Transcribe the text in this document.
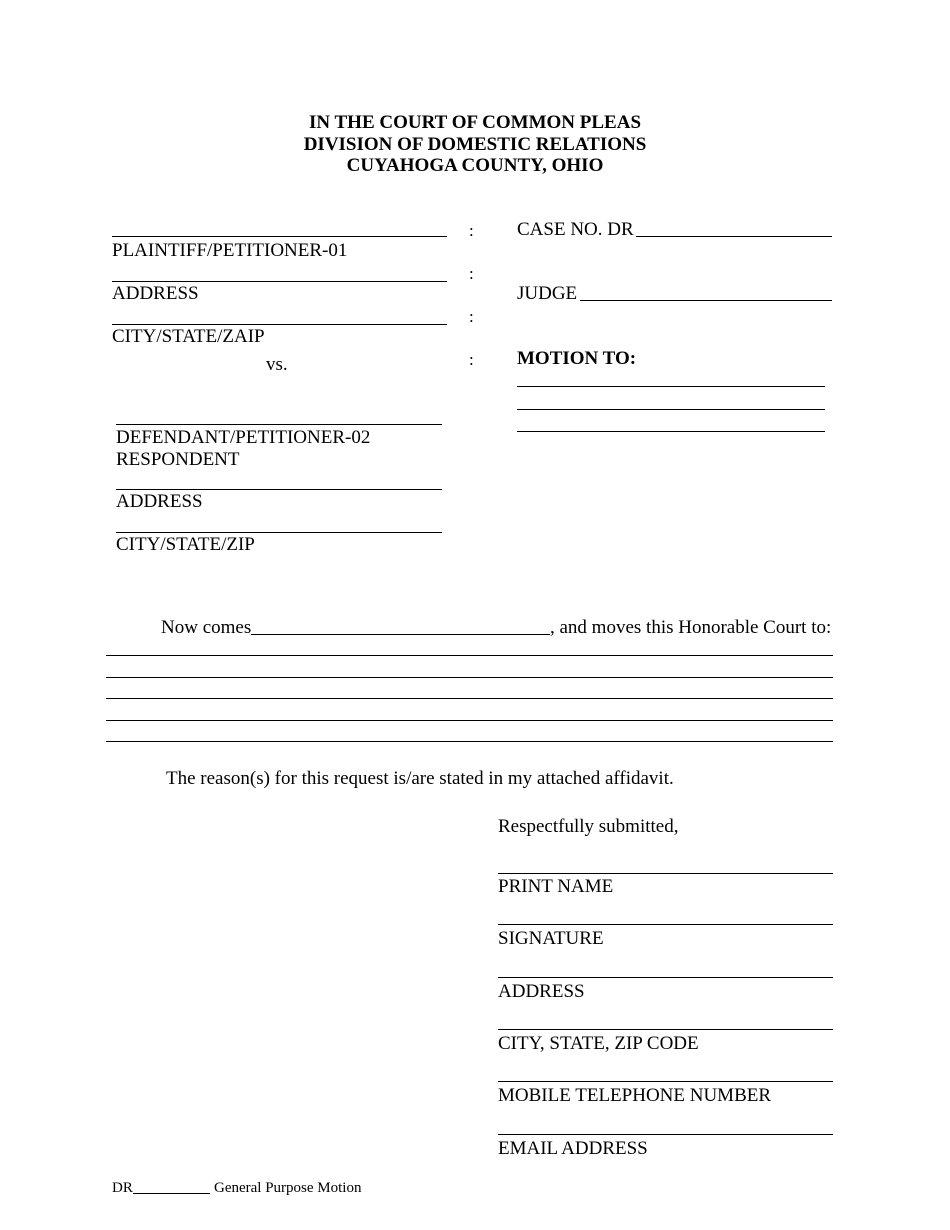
IN THE COURT OF COMMON PLEAS
DIVISION OF DOMESTIC RELATIONS
CUYAHOGA COUNTY, OHIO
PLAINTIFF/PETITIONER-01
ADDRESS
CITY/STATE/ZAIP
vs.
DEFENDANT/PETITIONER-02
RESPONDENT
ADDRESS
CITY/STATE/ZIP
:
:
:
:
CASE NO. DR
JUDGE
MOTION TO:
Now comes	, and moves this Honorable Court to:
The reason(s) for this request is/are stated in my attached affidavit.
Respectfully submitted,
PRINT NAME
SIGNATURE
ADDRESS
CITY, STATE, ZIP CODE
MOBILE TELEPHONE NUMBER
EMAIL ADDRESS
DR	General Purpose Motion
